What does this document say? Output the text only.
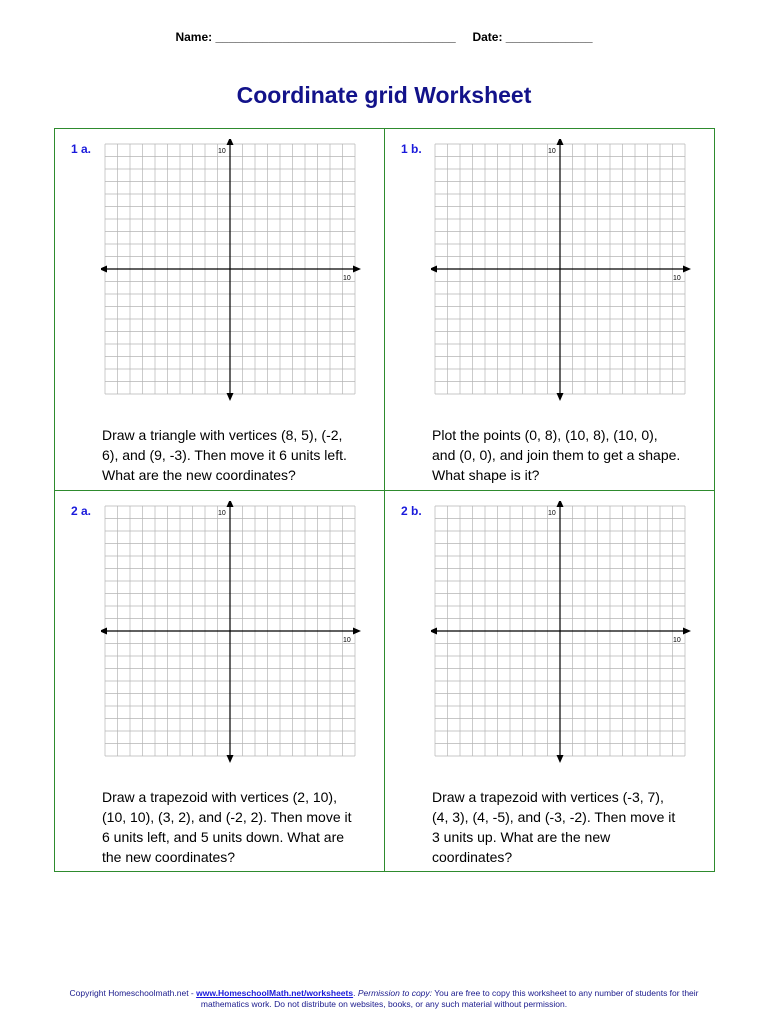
Name: ____________________________________ Date: _____________
Coordinate grid Worksheet
1 a.
10
10
Draw a triangle with vertices (8, 5), (-2, 6), and (9, -3). Then move it 6 units left. What are the new coordinates?
1 b.
10
10
Plot the points (0, 8), (10, 8), (10, 0), and (0, 0), and join them to get a shape. What shape is it?
2 a.
10
10
Draw a trapezoid with vertices (2, 10), (10, 10), (3, 2), and (-2, 2). Then move it 6 units left, and 5 units down. What are the new coordinates?
2 b.
10
10
Draw a trapezoid with vertices (-3, 7), (4, 3), (4, -5), and (-3, -2). Then move it 3 units up. What are the new coordinates?
Copyright Homeschoolmath.net - www.HomeschoolMath.net/worksheets. Permission to copy: You are free to copy this worksheet to any number of students for their mathematics work. Do not distribute on websites, books, or any such material without permission.
